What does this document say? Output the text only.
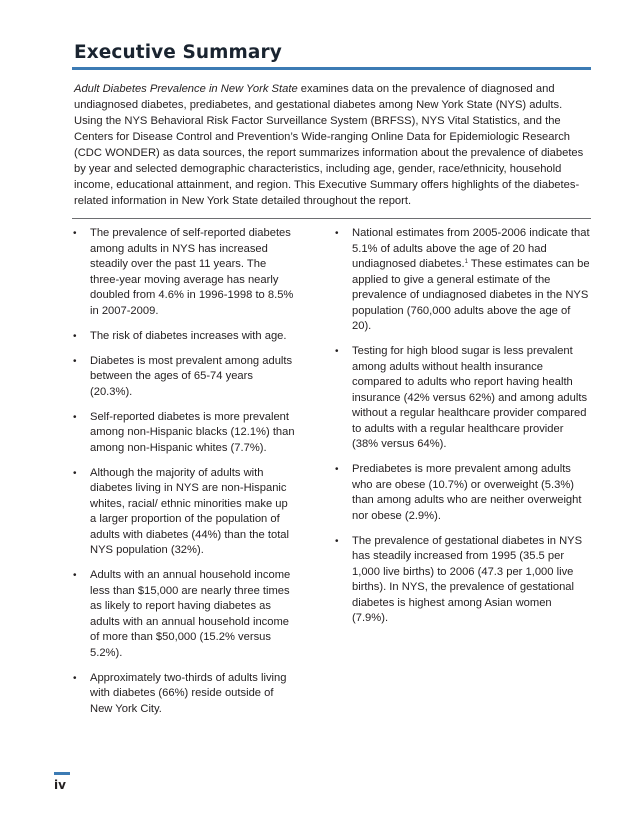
Executive Summary

Adult Diabetes Prevalence in New York State examines data on the prevalence of diagnosed and undiagnosed diabetes, prediabetes, and gestational diabetes among New York State (NYS) adults. Using the NYS Behavioral Risk Factor Surveillance System (BRFSS), NYS Vital Statistics, and the Centers for Disease Control and Prevention’s Wide-ranging Online Data for Epidemiologic Research (CDC WONDER) as data sources, the report summarizes information about the prevalence of diabetes by year and selected demographic characteristics, including age, gender, race/ethnicity, household income, educational attainment, and region. This Executive Summary offers highlights of the diabetes-related information in New York State detailed throughout the report.

• The prevalence of self-reported diabetes among adults in NYS has increased steadily over the past 11 years. The three-year moving average has nearly doubled from 4.6% in 1996-1998 to 8.5% in 2007-2009.
• The risk of diabetes increases with age.
• Diabetes is most prevalent among adults between the ages of 65-74 years (20.3%).
• Self-reported diabetes is more prevalent among non-Hispanic blacks (12.1%) than among non-Hispanic whites (7.7%).
• Although the majority of adults with diabetes living in NYS are non-Hispanic whites, racial/ ethnic minorities make up a larger proportion of the population of adults with diabetes (44%) than the total NYS population (32%).
• Adults with an annual household income less than $15,000 are nearly three times as likely to report having diabetes as adults with an annual household income of more than $50,000 (15.2% versus 5.2%).
• Approximately two-thirds of adults living with diabetes (66%) reside outside of New York City.
• National estimates from 2005-2006 indicate that 5.1% of adults above the age of 20 had undiagnosed diabetes.$^1$ These estimates can be applied to give a general estimate of the prevalence of undiagnosed diabetes in the NYS population (760,000 adults above the age of 20).
• Testing for high blood sugar is less prevalent among adults without health insurance compared to adults who report having health insurance (42% versus 62%) and among adults without a regular healthcare provider compared to adults with a regular healthcare provider (38% versus 64%).
• Prediabetes is more prevalent among adults who are obese (10.7%) or overweight (5.3%) than among adults who are neither overweight nor obese (2.9%).
• The prevalence of gestational diabetes in NYS has steadily increased from 1995 (35.5 per 1,000 live births) to 2006 (47.3 per 1,000 live births). In NYS, the prevalence of gestational diabetes is highest among Asian women (7.9%).
iv
